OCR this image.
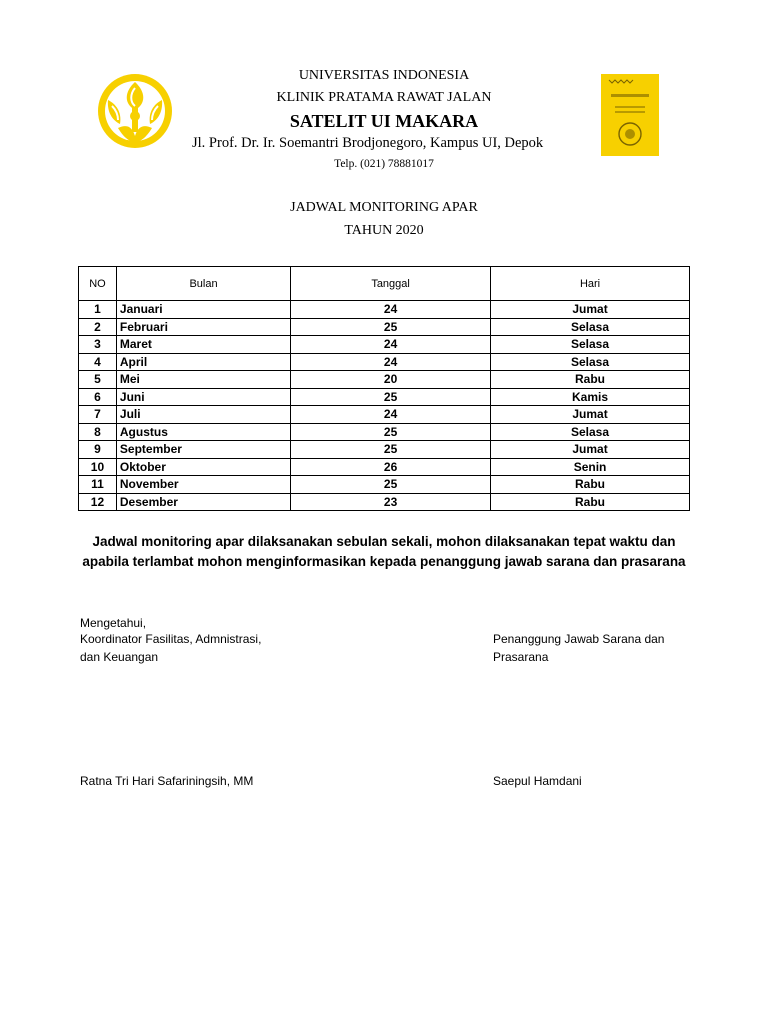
UNIVERSITAS INDONESIA
KLINIK PRATAMA RAWAT JALAN
SATELIT UI MAKARA
Jl. Prof. Dr. Ir. Soemantri Brodjonegoro, Kampus UI, Depok
Telp. (021) 78881017
JADWAL MONITORING APAR
TAHUN 2020
NO	Bulan	Tanggal	Hari
1	Januari	24	Jumat
2	Februari	25	Selasa
3	Maret	24	Selasa
4	April	24	Selasa
5	Mei	20	Rabu
6	Juni	25	Kamis
7	Juli	24	Jumat
8	Agustus	25	Selasa
9	September	25	Jumat
10	Oktober	26	Senin
11	November	25	Rabu
12	Desember	23	Rabu
Jadwal monitoring apar dilaksanakan sebulan sekali, mohon dilaksanakan tepat waktu dan apabila terlambat mohon menginformasikan kepada penanggung jawab sarana dan prasarana
Mengetahui,
Koordinator Fasilitas, Admnistrasi,
dan Keuangan
Penanggung Jawab Sarana dan
Prasarana
Ratna Tri Hari Safariningsih, MM	Saepul Hamdani
